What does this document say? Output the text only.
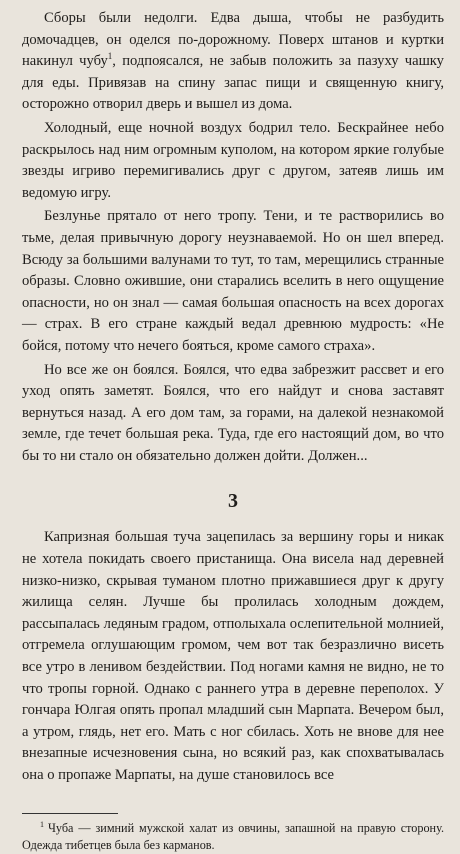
Сборы были недолги. Едва дыша, чтобы не разбудить домочадцев, он оделся по-дорожному. Поверх штанов и куртки накинул чубу$^1$, подпоясался, не забыв положить за пазуху чашку для еды. Привязав на спину запас пищи и священную книгу, осторожно отворил дверь и вышел из дома.

Холодный, еще ночной воздух бодрил тело. Бескрайнее небо раскрылось над ним огромным куполом, на котором яркие голубые звезды игриво перемигивались друг с другом, затеяв лишь им ведомую игру.

Безлунье прятало от него тропу. Тени, и те растворились во тьме, делая привычную дорогу неузнаваемой. Но он шел вперед. Всюду за большими валунами то тут, то там, мерещились странные образы. Словно ожившие, они старались вселить в него ощущение опасности, но он знал — самая большая опасность на всех дорогах — страх. В его стране каждый ведал древнюю мудрость: «Не бойся, потому что нечего бояться, кроме самого страха».

Но все же он боялся. Боялся, что едва забрезжит рассвет и его уход опять заметят. Боялся, что его найдут и снова заставят вернуться назад. А его дом там, за горами, на далекой незнакомой земле, где течет большая река. Туда, где его настоящий дом, во что бы то ни стало он обязательно должен дойти. Должен...

3

Капризная большая туча зацепилась за вершину горы и никак не хотела покидать своего пристанища. Она висела над деревней низко-низко, скрывая туманом плотно прижавшиеся друг к другу жилища селян. Лучше бы пролилась холодным дождем, рассыпалась ледяным градом, отполыхала ослепительной молнией, отгремела оглушающим громом, чем вот так безразлично висеть все утро в ленивом бездействии. Под ногами камня не видно, не то что тропы горной. Однако с раннего утра в деревне переполох. У гончара Юлгая опять пропал младший сын Марпата. Вечером был, а утром, глядь, нет его. Мать с ног сбилась. Хоть не внове для нее внезапные исчезновения сына, но всякий раз, как спохватывалась она о пропаже Марпаты, на душе становилось все

$^1$ Чуба — зимний мужской халат из овчины, запашной на правую сторону. Одежда тибетцев была без карманов.
